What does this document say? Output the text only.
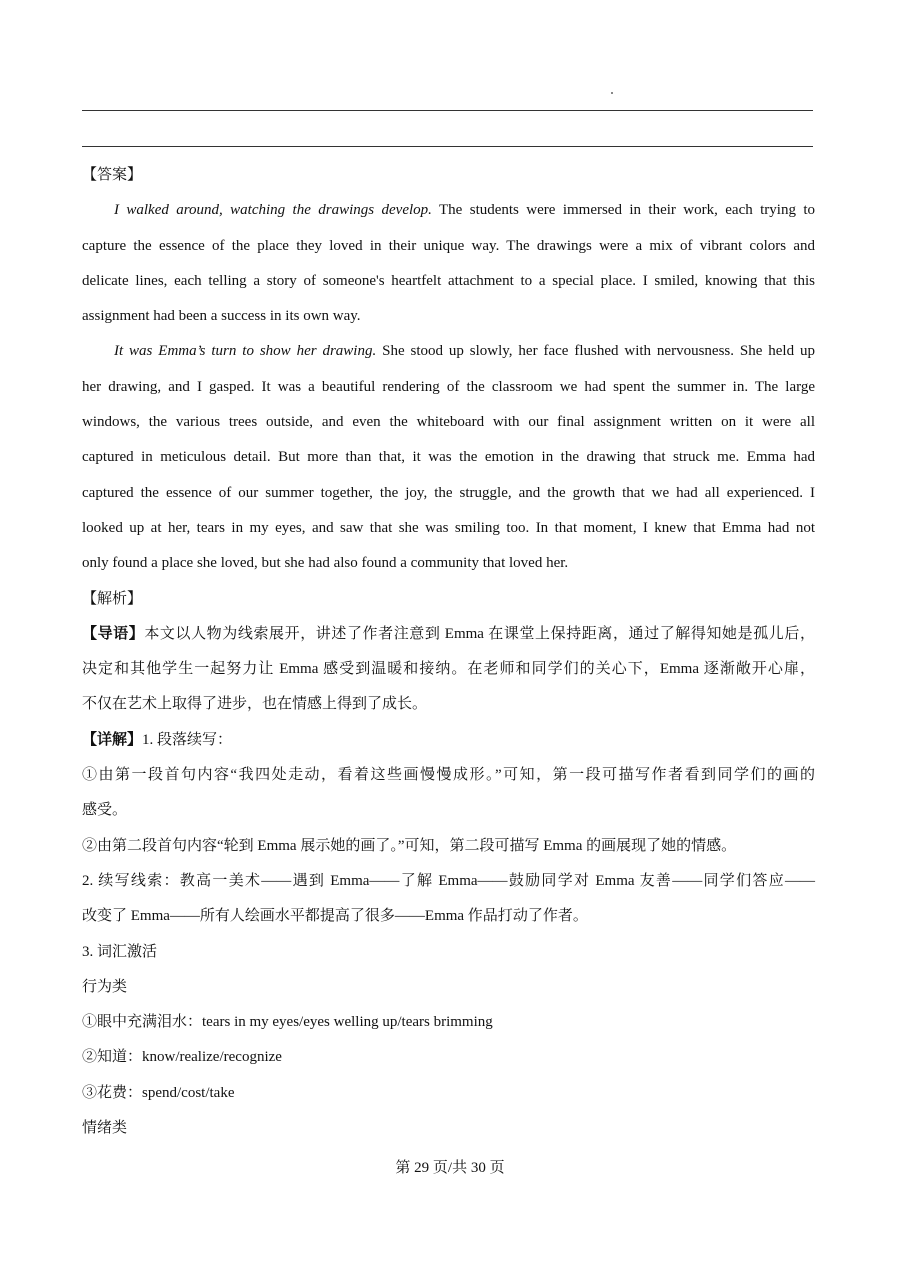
【答案】
I walked around, watching the drawings develop. The students were immersed in their work, each trying to
capture the essence of the place they loved in their unique way. The drawings were a mix of vibrant colors and
delicate lines, each telling a story of someone's heartfelt attachment to a special place. I smiled, knowing that this
assignment had been a success in its own way.
It was Emma’s turn to show her drawing. She stood up slowly, her face flushed with nervousness. She held up
her drawing, and I gasped. It was a beautiful rendering of the classroom we had spent the summer in. The large
windows, the various trees outside, and even the whiteboard with our final assignment written on it were all
captured in meticulous detail. But more than that, it was the emotion in the drawing that struck me. Emma had
captured the essence of our summer together, the joy, the struggle, and the growth that we had all experienced. I
looked up at her, tears in my eyes, and saw that she was smiling too. In that moment, I knew that Emma had not
only found a place she loved, but she had also found a community that loved her.
【解析】
【导语】本文以人物为线索展开，讲述了作者注意到 Emma 在课堂上保持距离，通过了解得知她是孤儿后，
决定和其他学生一起努力让 Emma 感受到温暖和接纳。在老师和同学们的关心下，Emma 逐渐敞开心扉，
不仅在艺术上取得了进步，也在情感上得到了成长。
【详解】1. 段落续写：
①由第一段首句内容“我四处走动，看着这些画慢慢成形。”可知，第一段可描写作者看到同学们的画的
感受。
②由第二段首句内容“轮到 Emma 展示她的画了。”可知，第二段可描写 Emma 的画展现了她的情感。
2. 续写线索：教高一美术——遇到 Emma——了解 Emma——鼓励同学对 Emma 友善——同学们答应——
改变了 Emma——所有人绘画水平都提高了很多——Emma 作品打动了作者。
3. 词汇激活
行为类
①眼中充满泪水：tears in my eyes/eyes welling up/tears brimming
②知道：know/realize/recognize
③花费：spend/cost/take
情绪类
第 29 页/共 30 页
